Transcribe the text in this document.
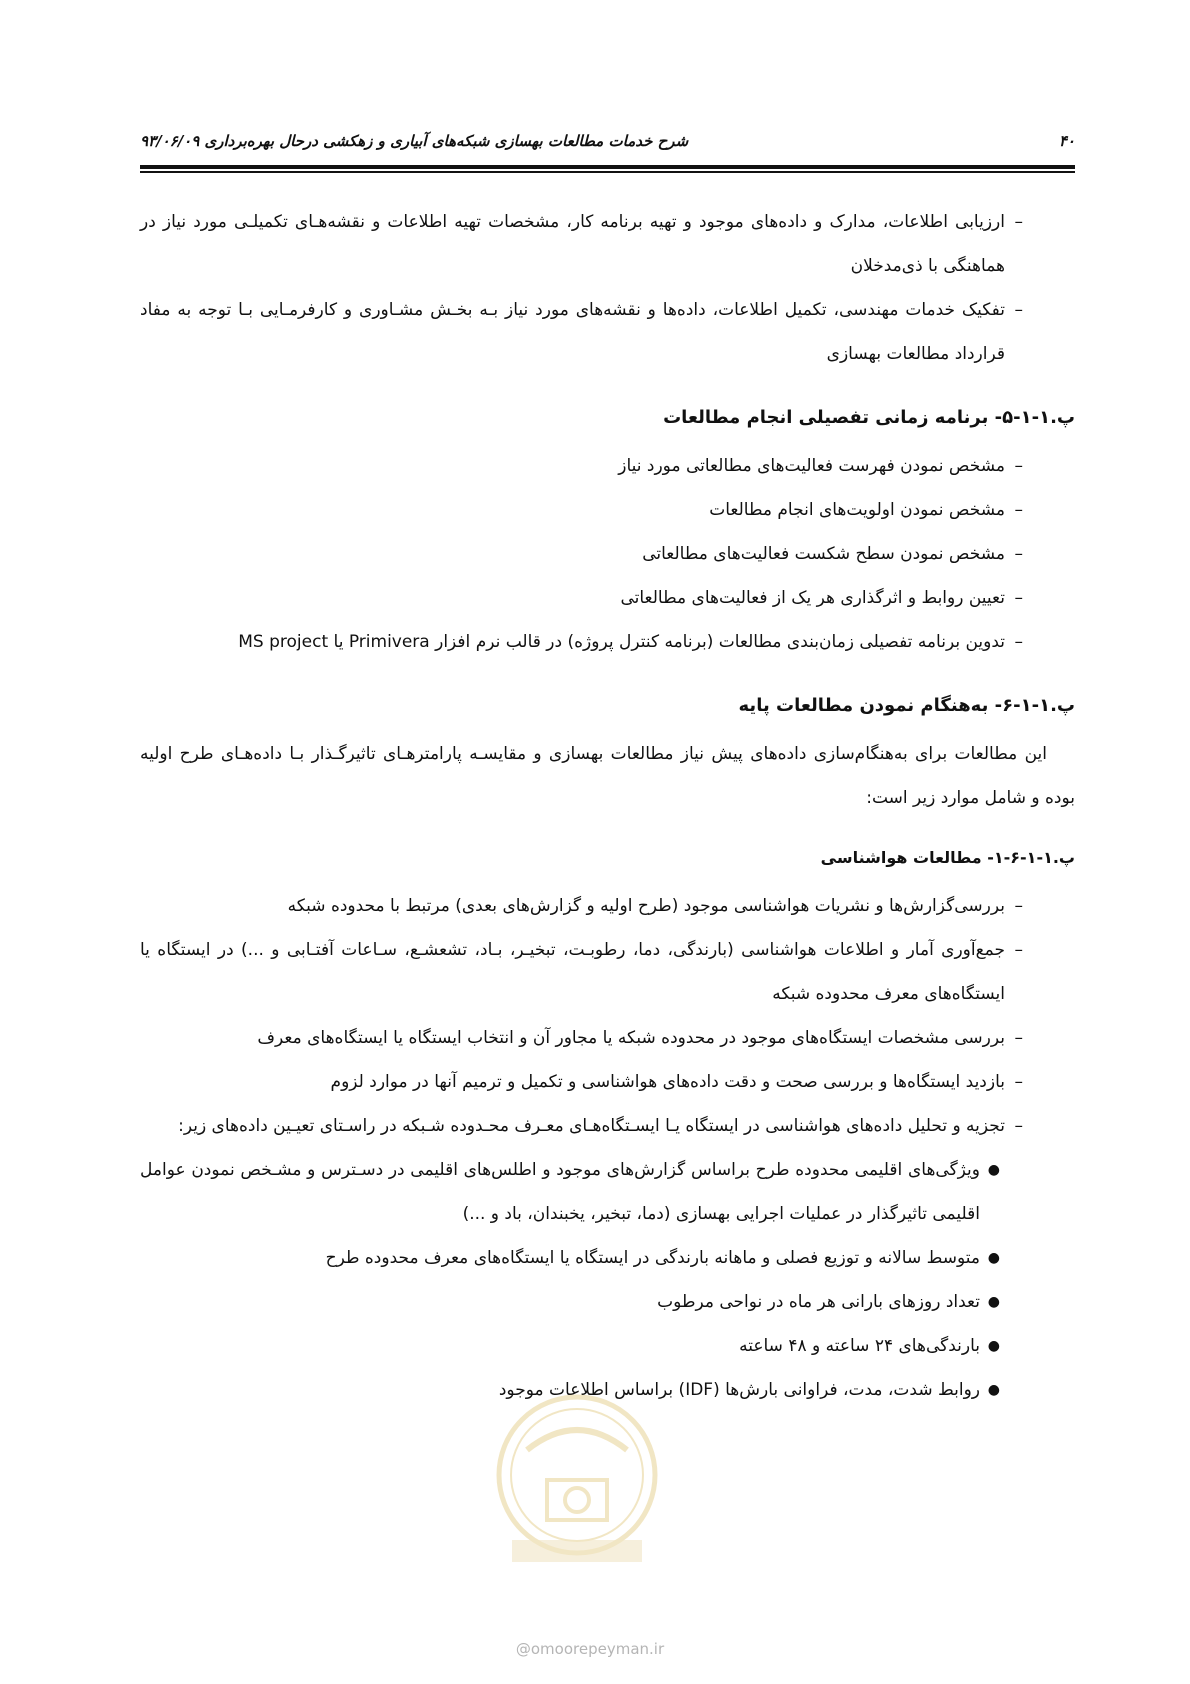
شرح خدمات مطالعات بهسازی شبکه‌های آبیاری و زهکشی درحال بهره‌برداری ۹۳/۰۶/۰۹	۴۰
–
ارزیابی اطلاعات، مدارک و داده‌های موجود و تهیه برنامه کار، مشخصات تهیه اطلاعات و نقشه‌هـای تکمیلـی مورد نیاز در هماهنگی با ذی‌مدخلان
–
تفکیک خدمات مهندسی، تکمیل اطلاعات، داده‌ها و نقشه‌های مورد نیاز بـه بخـش مشـاوری و کارفرمـایی بـا توجه به مفاد قرارداد مطالعات بهسازی
پ.۱-۱-۵- برنامه زمانی تفصیلی انجام مطالعات
–
مشخص نمودن فهرست فعالیت‌های مطالعاتی مورد نیاز
–
مشخص نمودن اولویت‌های انجام مطالعات
–
مشخص نمودن سطح شکست فعالیت‌های مطالعاتی
–
تعیین روابط و اثرگذاری هر یک از فعالیت‌های مطالعاتی
–
تدوین برنامه تفصیلی زمان‌بندی مطالعات (برنامه کنترل پروژه) در قالب نرم افزار Primivera یا MS project
پ.۱-۱-۶- به‌هنگام نمودن مطالعات پایه
این مطالعات برای به‌هنگام‌سازی داده‌های پیش نیاز مطالعات بهسازی و مقایسـه پارامترهـای تاثیرگـذار بـا داده‌هـای طرح اولیه بوده و شامل موارد زیر است:
پ.۱-۱-۶-۱- مطالعات هواشناسی
–
بررسی‌گزارش‌ها و نشریات هواشناسی موجود (طرح اولیه و گزارش‌های بعدی) مرتبط با محدوده شبکه
–
جمع‌آوری آمار و اطلاعات هواشناسی (بارندگی، دما، رطوبـت، تبخیـر، بـاد، تشعشـع، سـاعات آفتـابی و ...) در ایستگاه یا ایستگاه‌های معرف محدوده شبکه
–
بررسی مشخصات ایستگاه‌های موجود در محدوده شبکه یا مجاور آن و انتخاب ایستگاه یا ایستگاه‌های معرف
–
بازدید ایستگاه‌ها و بررسی صحت و دقت داده‌های هواشناسی و تکمیل و ترمیم آنها در موارد لزوم
–
تجزیه و تحلیل داده‌های هواشناسی در ایستگاه یـا ایسـتگاه‌هـای معـرف محـدوده شـبکه در راسـتای تعیـین داده‌های زیر:
●
ویژگی‌های اقلیمی محدوده طرح براساس گزارش‌های موجود و اطلس‌های اقلیمی در دسـترس و مشـخص نمودن عوامل اقلیمی تاثیرگذار در عملیات اجرایی بهسازی (دما، تبخیر، یخبندان، باد و ...)
●
متوسط سالانه و توزیع فصلی و ماهانه بارندگی در ایستگاه یا ایستگاه‌های معرف محدوده طرح
●
تعداد روزهای بارانی هر ماه در نواحی مرطوب
●
بارندگی‌های ۲۴ ساعته و ۴۸ ساعته
●
روابط شدت، مدت، فراوانی بارش‌ها (IDF) براساس اطلاعات موجود
@omoorepeyman.ir
